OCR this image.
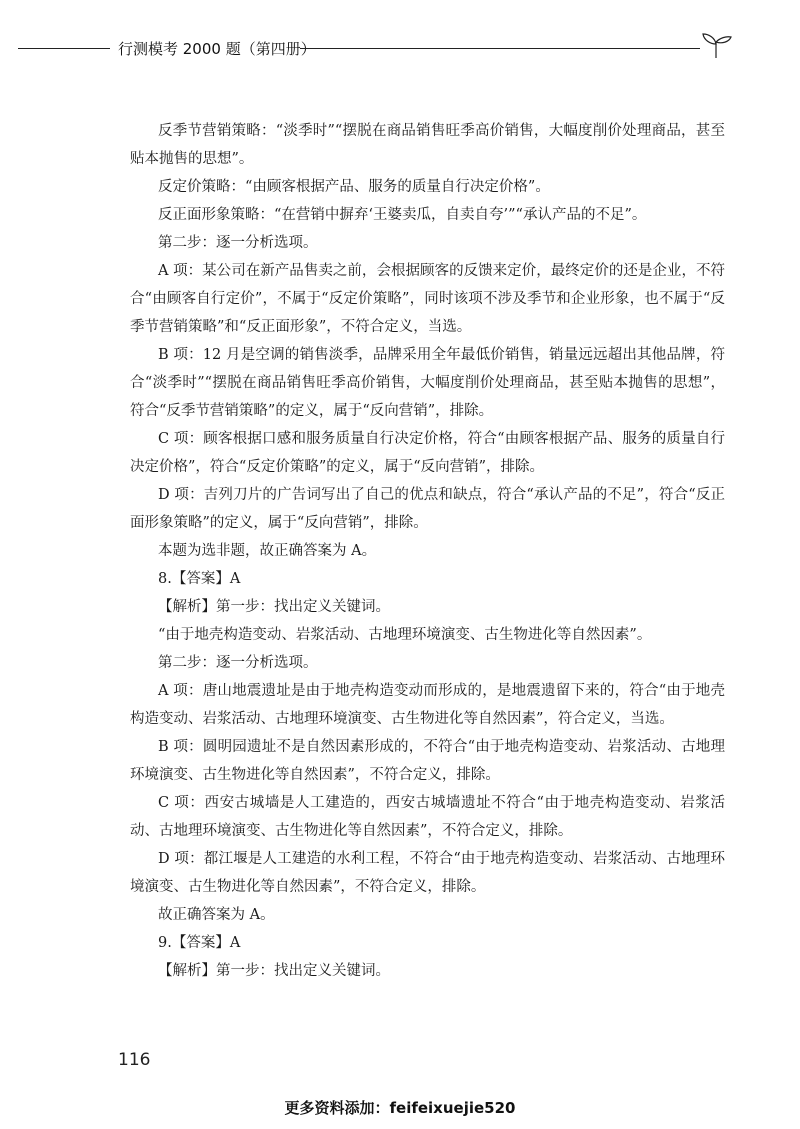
行测模考 2000 题（第四册）

反季节营销策略：“淡季时”“摆脱在商品销售旺季高价销售，大幅度削价处理商品，甚至贴本抛售的思想”。

反定价策略：“由顾客根据产品、服务的质量自行决定价格”。

反正面形象策略：“在营销中摒弃‘王婆卖瓜，自卖自夸’”“承认产品的不足”。

第二步：逐一分析选项。

A 项：某公司在新产品售卖之前，会根据顾客的反馈来定价，最终定价的还是企业，不符合“由顾客自行定价”，不属于“反定价策略”，同时该项不涉及季节和企业形象，也不属于“反季节营销策略”和“反正面形象”，不符合定义，当选。

B 项：12 月是空调的销售淡季，品牌采用全年最低价销售，销量远远超出其他品牌，符合“淡季时”“摆脱在商品销售旺季高价销售，大幅度削价处理商品，甚至贴本抛售的思想”，符合“反季节营销策略”的定义，属于“反向营销”，排除。

C 项：顾客根据口感和服务质量自行决定价格，符合“由顾客根据产品、服务的质量自行决定价格”，符合“反定价策略”的定义，属于“反向营销”，排除。

D 项：吉列刀片的广告词写出了自己的优点和缺点，符合“承认产品的不足”，符合“反正面形象策略”的定义，属于“反向营销”，排除。

本题为选非题，故正确答案为 A。

8.【答案】A

【解析】第一步：找出定义关键词。

“由于地壳构造变动、岩浆活动、古地理环境演变、古生物进化等自然因素”。

第二步：逐一分析选项。

A 项：唐山地震遗址是由于地壳构造变动而形成的，是地震遗留下来的，符合“由于地壳构造变动、岩浆活动、古地理环境演变、古生物进化等自然因素”，符合定义，当选。

B 项：圆明园遗址不是自然因素形成的，不符合“由于地壳构造变动、岩浆活动、古地理环境演变、古生物进化等自然因素”，不符合定义，排除。

C 项：西安古城墙是人工建造的，西安古城墙遗址不符合“由于地壳构造变动、岩浆活动、古地理环境演变、古生物进化等自然因素”，不符合定义，排除。

D 项：都江堰是人工建造的水利工程，不符合“由于地壳构造变动、岩浆活动、古地理环境演变、古生物进化等自然因素”，不符合定义，排除。

故正确答案为 A。

9.【答案】A

【解析】第一步：找出定义关键词。

116
更多资料添加：feifeixuejie520
